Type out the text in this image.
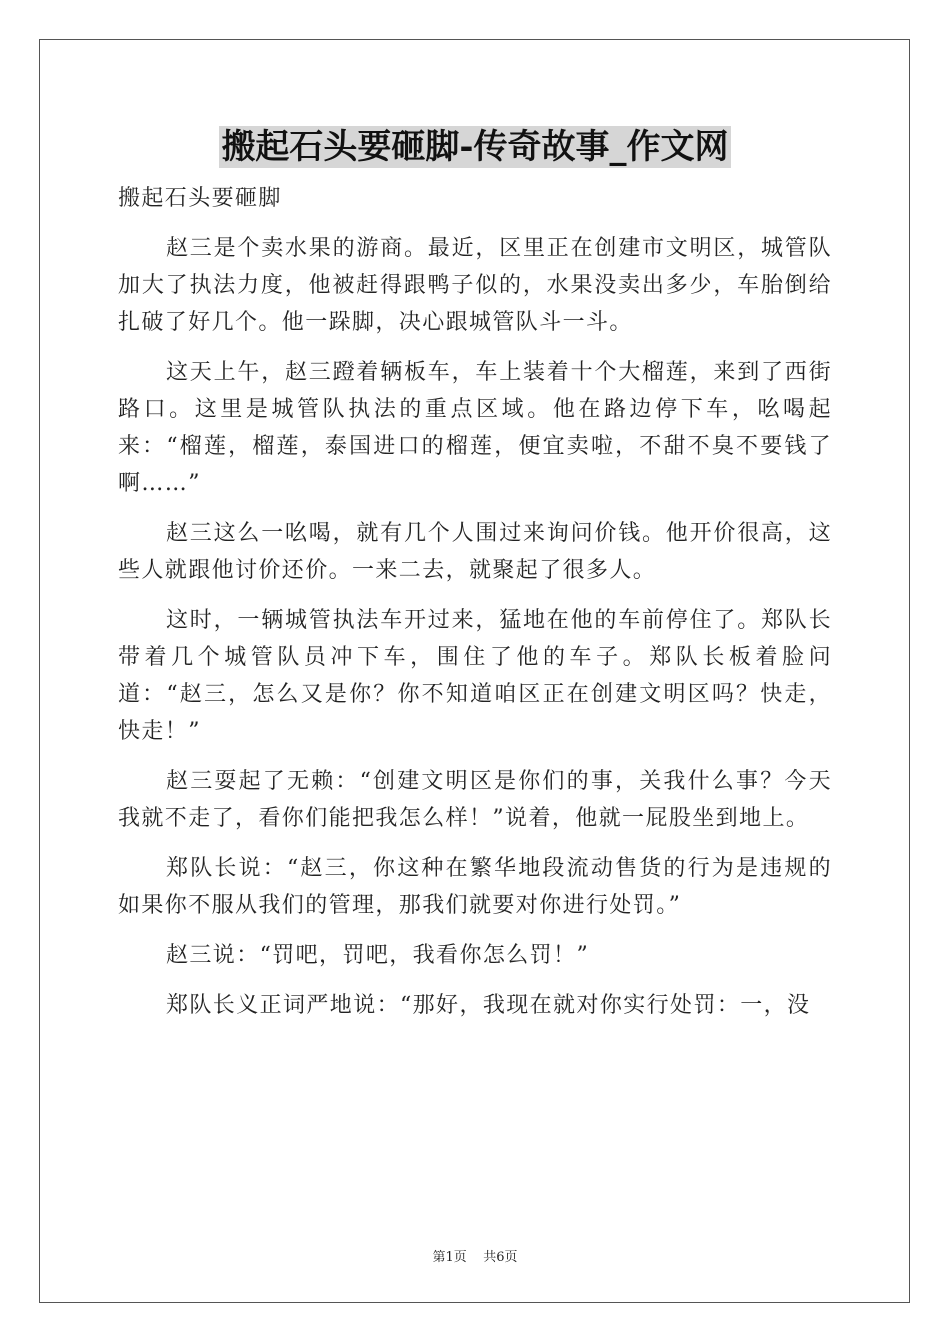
搬起石头要砸脚-传奇故事_作文网

搬起石头要砸脚

赵三是个卖水果的游商。最近，区里正在创建市文明区，城管队加大了执法力度，他被赶得跟鸭子似的，水果没卖出多少，车胎倒给扎破了好几个。他一跺脚，决心跟城管队斗一斗。

这天上午，赵三蹬着辆板车，车上装着十个大榴莲，来到了西街路口。这里是城管队执法的重点区域。他在路边停下车，吆喝起来：“榴莲，榴莲，泰国进口的榴莲，便宜卖啦，不甜不臭不要钱了啊……”

赵三这么一吆喝，就有几个人围过来询问价钱。他开价很高，这些人就跟他讨价还价。一来二去，就聚起了很多人。

这时，一辆城管执法车开过来，猛地在他的车前停住了。郑队长带着几个城管队员冲下车，围住了他的车子。郑队长板着脸问道：“赵三，怎么又是你？你不知道咱区正在创建文明区吗？快走，快走！”

赵三耍起了无赖：“创建文明区是你们的事，关我什么事？今天我就不走了，看你们能把我怎么样！”说着，他就一屁股坐到地上。

郑队长说：“赵三，你这种在繁华地段流动售货的行为是违规的如果你不服从我们的管理，那我们就要对你进行处罚。”

赵三说：“罚吧，罚吧，我看你怎么罚！”

郑队长义正词严地说：“那好，我现在就对你实行处罚：一，没

第1页 共6页
